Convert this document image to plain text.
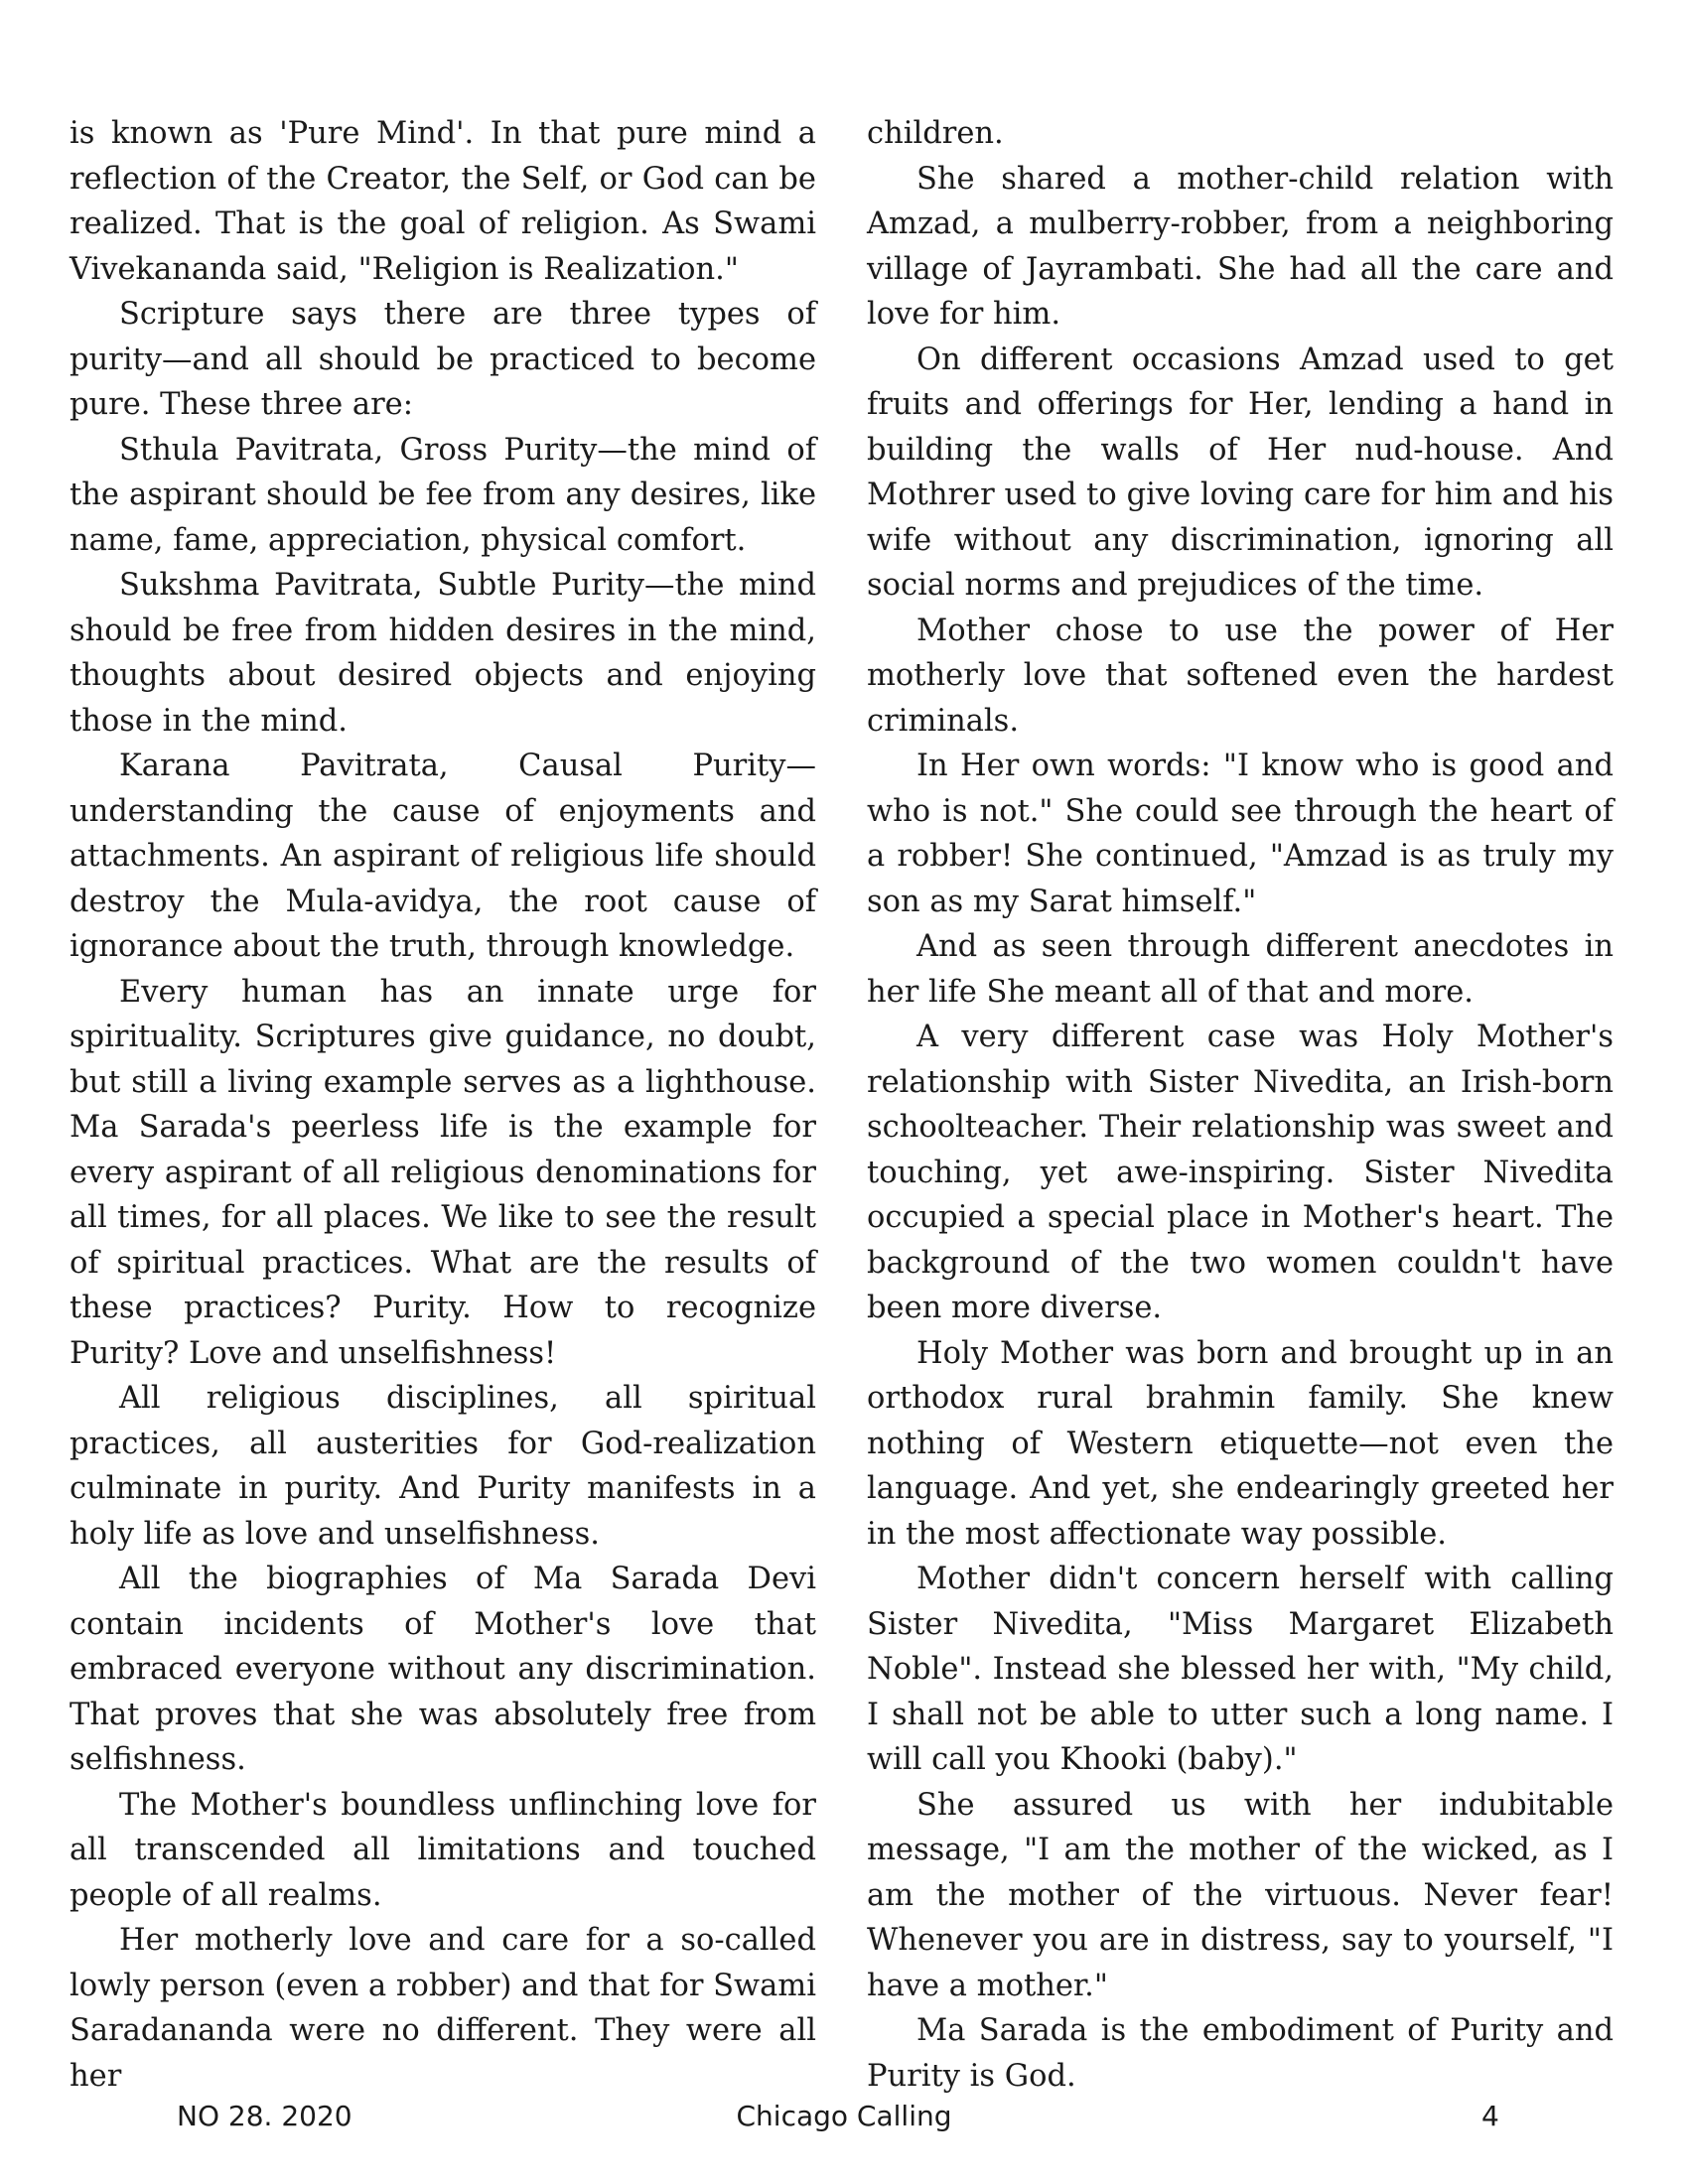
is known as 'Pure Mind'. In that pure mind a reflection of the Creator, the Self, or God can be realized. That is the goal of religion. As Swami Vivekananda said, "Religion is Realization."

Scripture says there are three types of purity—and all should be practiced to become pure. These three are:

Sthula Pavitrata, Gross Purity—the mind of the aspirant should be fee from any desires, like name, fame, appreciation, physical comfort.

Sukshma Pavitrata, Subtle Purity—the mind should be free from hidden desires in the mind, thoughts about desired objects and enjoying those in the mind.

Karana Pavitrata, Causal Purity—understanding the cause of enjoyments and attachments. An aspirant of religious life should destroy the Mula-avidya, the root cause of ignorance about the truth, through knowledge.

Every human has an innate urge for spirituality. Scriptures give guidance, no doubt, but still a living example serves as a lighthouse. Ma Sarada's peerless life is the example for every aspirant of all religious denominations for all times, for all places. We like to see the result of spiritual practices. What are the results of these practices? Purity. How to recognize Purity? Love and unselfishness!

All religious disciplines, all spiritual practices, all austerities for God-realization culminate in purity. And Purity manifests in a holy life as love and unselfishness.

All the biographies of Ma Sarada Devi contain incidents of Mother's love that embraced everyone without any discrimination. That proves that she was absolutely free from selfishness.

The Mother's boundless unflinching love for all transcended all limitations and touched people of all realms.

Her motherly love and care for a so-called lowly person (even a robber) and that for Swami Saradananda were no different. They were all her

children.

She shared a mother-child relation with Amzad, a mulberry-robber, from a neighboring village of Jayrambati. She had all the care and love for him.

On different occasions Amzad used to get fruits and offerings for Her, lending a hand in building the walls of Her nud-house. And Mothrer used to give loving care for him and his wife without any discrimination, ignoring all social norms and prejudices of the time.

Mother chose to use the power of Her motherly love that softened even the hardest criminals.

In Her own words: "I know who is good and who is not." She could see through the heart of a robber! She continued, "Amzad is as truly my son as my Sarat himself."

And as seen through different anecdotes in her life She meant all of that and more.

A very different case was Holy Mother's relationship with Sister Nivedita, an Irish-born schoolteacher. Their relationship was sweet and touching, yet awe-inspiring. Sister Nivedita occupied a special place in Mother's heart. The background of the two women couldn't have been more diverse.

Holy Mother was born and brought up in an orthodox rural brahmin family. She knew nothing of Western etiquette—not even the language. And yet, she endearingly greeted her in the most affectionate way possible.

Mother didn't concern herself with calling Sister Nivedita, "Miss Margaret Elizabeth Noble". Instead she blessed her with, "My child, I shall not be able to utter such a long name. I will call you Khooki (baby)."

She assured us with her indubitable message, "I am the mother of the wicked, as I am the mother of the virtuous. Never fear! Whenever you are in distress, say to yourself, "I have a mother."

Ma Sarada is the embodiment of Purity and Purity is God.

NO 28. 2020	Chicago Calling	4
